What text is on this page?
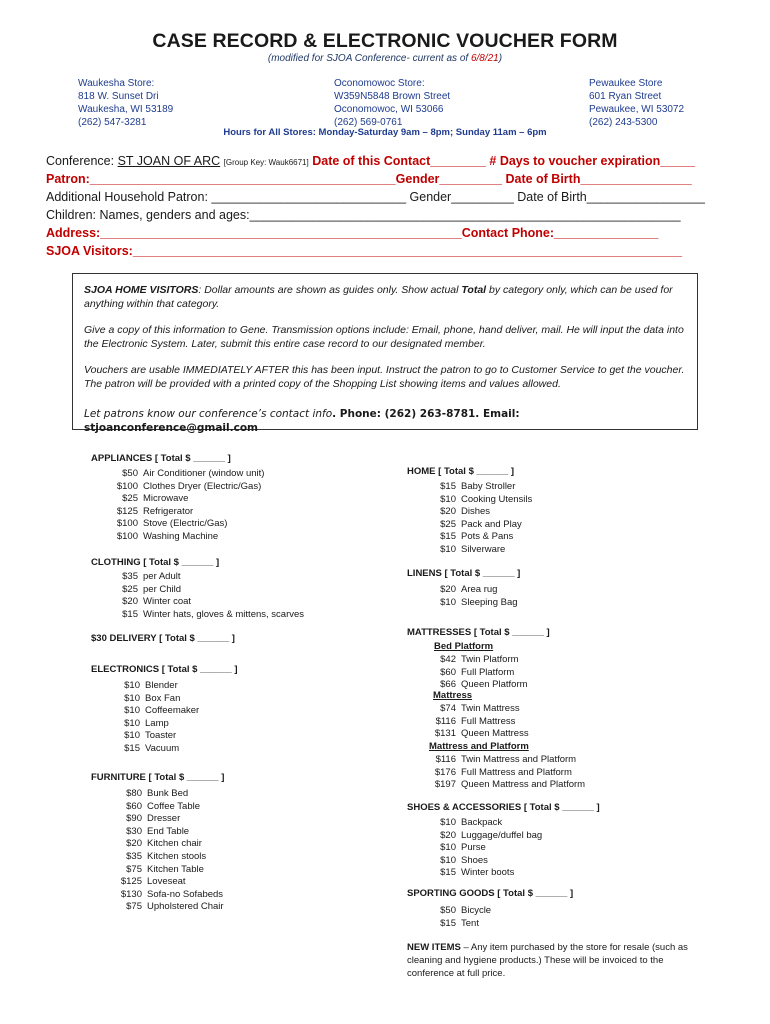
CASE RECORD & ELECTRONIC VOUCHER FORM
(modified for SJOA Conference- current as of 6/8/21)
Waukesha Store:
818 W. Sunset Dri
Waukesha, WI 53189
(262) 547-3281
Oconomowoc Store:
W359N5848 Brown Street
Oconomowoc, WI 53066
(262) 569-0761
Pewaukee Store
601 Ryan Street
Pewaukee, WI 53072
(262) 243-5300
Hours for All Stores: Monday-Saturday 9am – 8pm; Sunday 11am – 6pm
Conference: ST JOAN OF ARC [Group Key: Wauk6671] Date of this Contact________ # Days to voucher expiration_____
Patron:____________________________________________Gender_________ Date of Birth________________
Additional Household Patron: ____________________________ Gender_________ Date of Birth_________________
Children: Names, genders and ages:______________________________________________________________
Address:____________________________________________________Contact Phone:_______________
SJOA Visitors:_______________________________________________________________________________

SJOA HOME VISITORS: Dollar amounts are shown as guides only. Show actual Total by category only, which can be used for anything within that category.

Give a copy of this information to Gene. Transmission options include: Email, phone, hand deliver, mail. He will input the data into the Electronic System. Later, submit this entire case record to our designated member.

Vouchers are usable IMMEDIATELY AFTER this has been input. Instruct the patron to go to Customer Service to get the voucher. The patron will be provided with a printed copy of the Shopping List showing items and values allowed.

Let patrons know our conference’s contact info. Phone: (262) 263-8781. Email: stjoanconference@gmail.com

APPLIANCES [ Total $ ______ ]
$50 Air Conditioner (window unit)
$100 Clothes Dryer (Electric/Gas)
$25 Microwave
$125 Refrigerator
$100 Stove (Electric/Gas)
$100 Washing Machine
CLOTHING [ Total $ ______ ]
$35 per Adult
$25 per Child
$20 Winter coat
$15 Winter hats, gloves & mittens, scarves
$30 DELIVERY [ Total $ ______ ]
ELECTRONICS [ Total $ ______ ]
$10 Blender
$10 Box Fan
$10 Coffeemaker
$10 Lamp
$10 Toaster
$15 Vacuum
FURNITURE [ Total $ ______ ]
$80 Bunk Bed
$60 Coffee Table
$90 Dresser
$30 End Table
$20 Kitchen chair
$35 Kitchen stools
$75 Kitchen Table
$125 Loveseat
$130 Sofa-no Sofabeds
$75 Upholstered Chair
HOME [ Total $ ______ ]
$15 Baby Stroller
$10 Cooking Utensils
$20 Dishes
$25 Pack and Play
$15 Pots & Pans
$10 Silverware
LINENS [ Total $ ______ ]
$20 Area rug
$10 Sleeping Bag
MATTRESSES [ Total $ ______ ]
Bed Platform
$42 Twin Platform
$60 Full Platform
$66 Queen Platform
Mattress
$74 Twin Mattress
$116 Full Mattress
$131 Queen Mattress
Mattress and Platform
$116 Twin Mattress and Platform
$176 Full Mattress and Platform
$197 Queen Mattress and Platform
SHOES & ACCESSORIES [ Total $ ______ ]
$10 Backpack
$20 Luggage/duffel bag
$10 Purse
$10 Shoes
$15 Winter boots
SPORTING GOODS [ Total $ ______ ]
$50 Bicycle
$15 Tent
NEW ITEMS – Any item purchased by the store for resale (such as cleaning and hygiene products.) These will be invoiced to the conference at full price.
